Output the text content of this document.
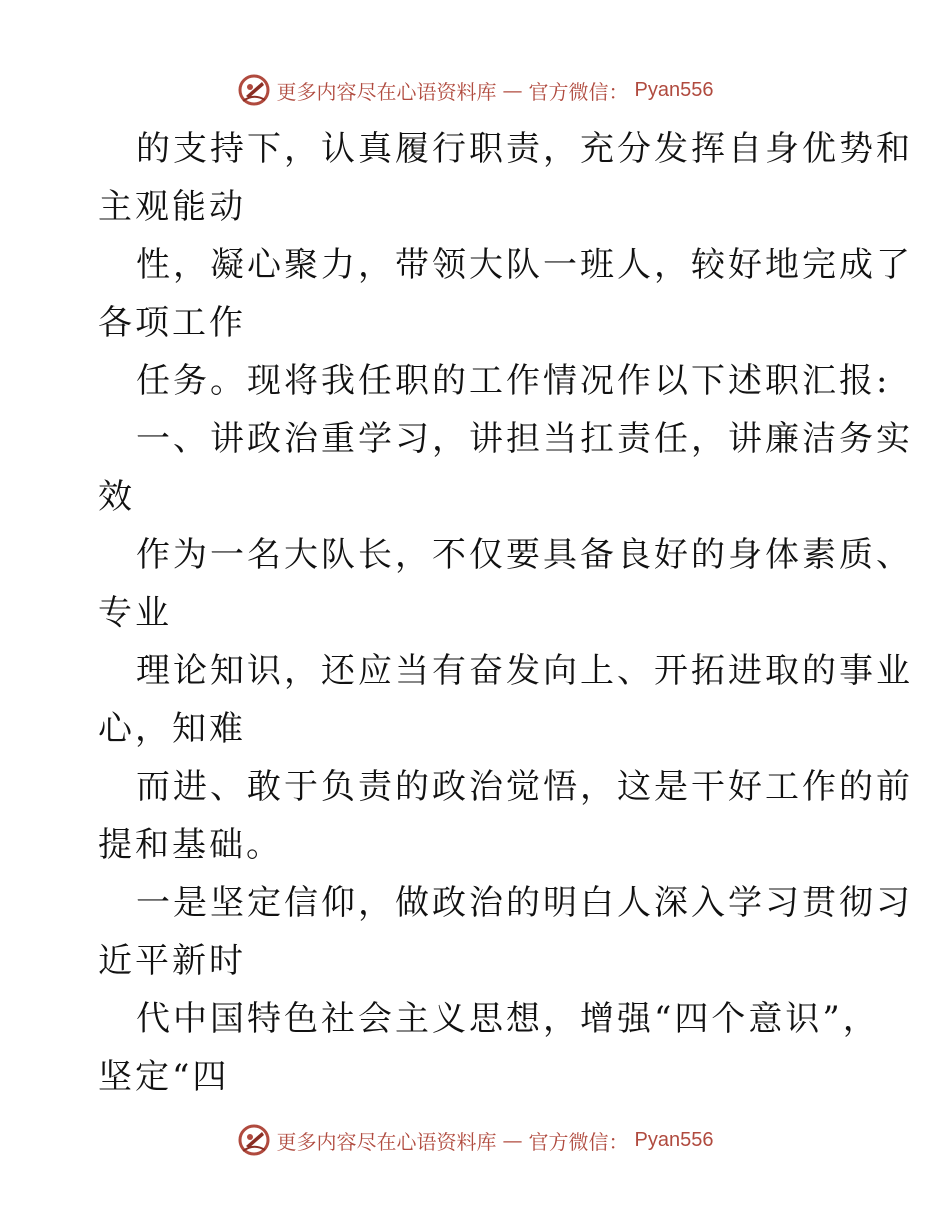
更多内容尽在心语资料库 — 官方微信： Pyan556
的支持下，认真履行职责，充分发挥自身优势和
主观能动
性，凝心聚力，带领大队一班人，较好地完成了
各项工作
任务。现将我任职的工作情况作以下述职汇报:
一、讲政治重学习，讲担当扛责任，讲廉洁务实
效
作为一名大队长，不仅要具备良好的身体素质、
专业
理论知识，还应当有奋发向上、开拓进取的事业
心，知难
而进、敢于负责的政治觉悟，这是干好工作的前
提和基础。
一是坚定信仰，做政治的明白人深入学习贯彻习
近平新时
代中国特色社会主义思想，增强“四个意识”，
坚定“四
更多内容尽在心语资料库 — 官方微信： Pyan556
